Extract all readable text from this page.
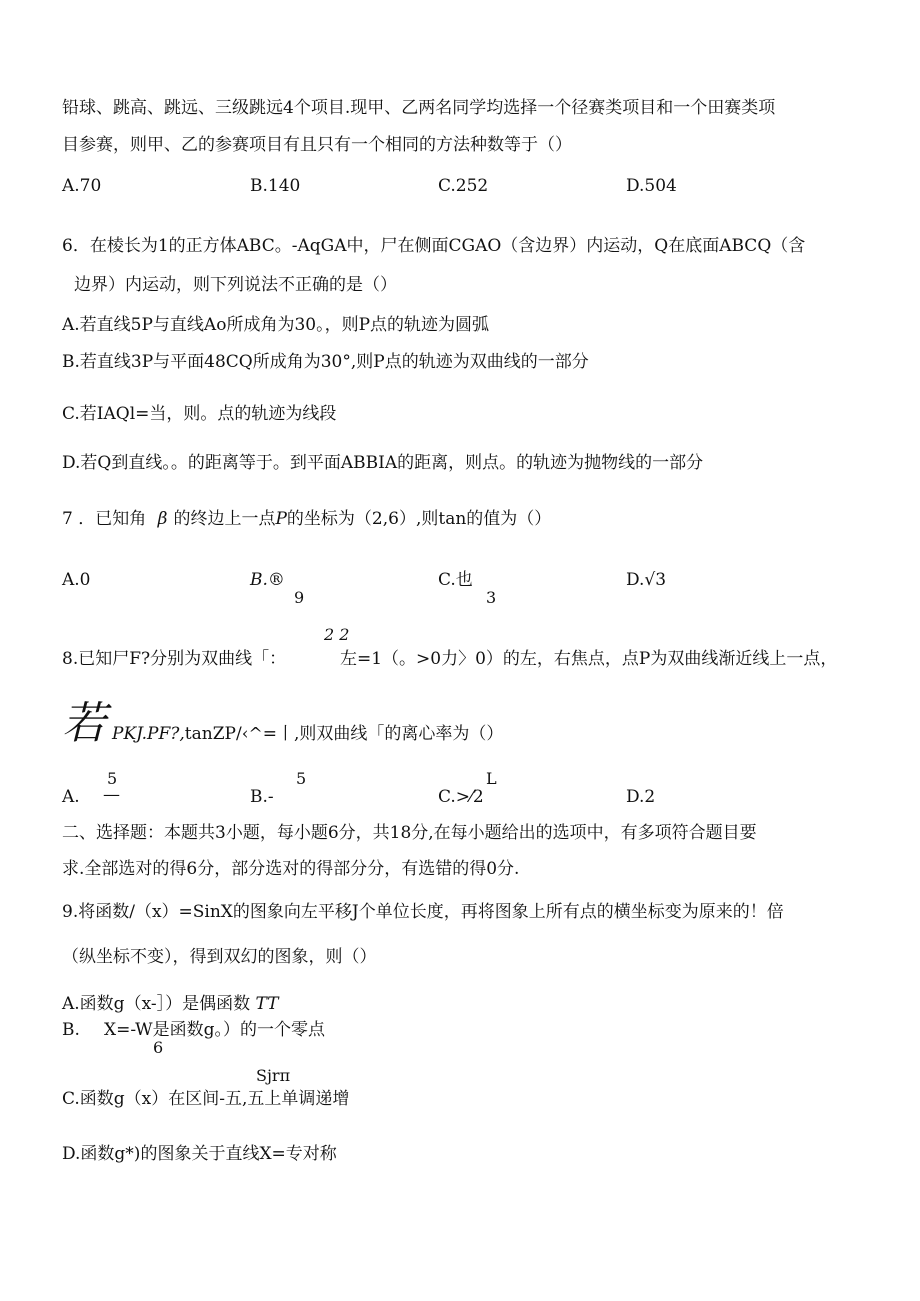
铅球、跳高、跳远、三级跳远4个项目.现甲、乙两名同学均选择一个径赛类项目和一个田赛类项
目参赛，则甲、乙的参赛项目有且只有一个相同的方法种数等于（）
A.70	B.140	C.252	D.504
6．在棱长为1的正方体ABC。-AqGA中，尸在侧面CGAO（含边界）内运动，Q在底面ABCQ（含
边界）内运动，则下列说法不正确的是（）
A.若直线5P与直线Ao所成角为30。，则P点的轨迹为圆弧
B.若直线3P与平面48CQ所成角为30°,则P点的轨迹为双曲线的一部分
C.若IAQl=当，则。点的轨迹为线段
D.若Q到直线。。的距离等于。到平面ABBIA的距离，则点。的轨迹为抛物线的一部分
7 ．已知角 β 的终边上一点P的坐标为（2,6）,则tan的值为（）
A.0	B.®
9
C.也
3
D.√3
2 2
8.已知尸F?分别为双曲线「：	左=1（。>0力〉0）的左，右焦点，点P为双曲线渐近线上一点，
若 PKJ.PF?,tanZP/‹^=丨,则双曲线「的离心率为（）
5
A. —
5
B.-
L
C.>⁄2	D.2
二、选择题：本题共3小题，每小题6分，共18分,在每小题给出的选项中，有多项符合题目要
求.全部选对的得6分，部分选对的得部分分，有选错的得0分.
9.将函数/（x）=SinX的图象向左平移J个单位长度，再将图象上所有点的横坐标变为原来的！倍
（纵坐标不变），得到双幻的图象，则（）
A.函数g（x-］）是偶函数 TT
B. X=-W是函数g。）的一个零点
6
Sjrπ
C.函数g（x）在区间-五,五上单调递增
D.函数g*)的图象关于直线X=专对称
